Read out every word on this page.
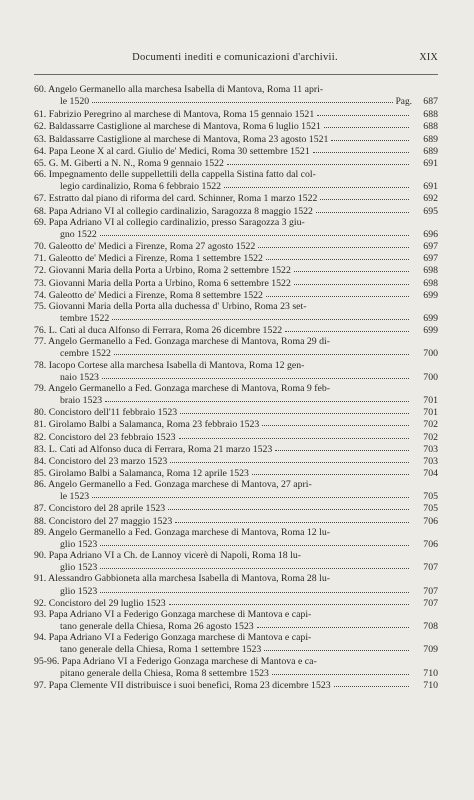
Documenti inediti e comunicazioni d'archivii.	XIX
60. Angelo Germanello alla marchesa Isabella di Mantova, Roma 11 apri-
le 1520	Pag.	687
61. Fabrizio Peregrino al marchese di Mantova, Roma 15 gennaio 1521	688
62. Baldassarre Castiglione al marchese di Mantova, Roma 6 luglio 1521	688
63. Baldassarre Castiglione al marchese di Mantova, Roma 23 agosto 1521	689
64. Papa Leone X al card. Giulio de' Medici, Roma 30 settembre 1521	689
65. G. M. Giberti a N. N., Roma 9 gennaio 1522	691
66. Impegnamento delle suppellettili della cappella Sistina fatto dal col-
legio cardinalizio, Roma 6 febbraio 1522	691
67. Estratto dal piano di riforma del card. Schinner, Roma 1 marzo 1522	692
68. Papa Adriano VI al collegio cardinalizio, Saragozza 8 maggio 1522	695
69. Papa Adriano VI al collegio cardinalizio, presso Saragozza 3 giu-
gno 1522	696
70. Galeotto de' Medici a Firenze, Roma 27 agosto 1522	697
71. Galeotto de' Medici a Firenze, Roma 1 settembre 1522	697
72. Giovanni Maria della Porta a Urbino, Roma 2 settembre 1522	698
73. Giovanni Maria della Porta a Urbino, Roma 6 settembre 1522	698
74. Galeotto de' Medici a Firenze, Roma 8 settembre 1522	699
75. Giovanni Maria della Porta alla duchessa d' Urbino, Roma 23 set-
tembre 1522	699
76. L. Cati al duca Alfonso di Ferrara, Roma 26 dicembre 1522	699
77. Angelo Germanello a Fed. Gonzaga marchese di Mantova, Roma 29 di-
cembre 1522	700
78. Iacopo Cortese alla marchesa Isabella di Mantova, Roma 12 gen-
naio 1523	700
79. Angelo Germanello a Fed. Gonzaga marchese di Mantova, Roma 9 feb-
braio 1523	701
80. Concistoro dell'11 febbraio 1523	701
81. Girolamo Balbi a Salamanca, Roma 23 febbraio 1523	702
82. Concistoro del 23 febbraio 1523	702
83. L. Cati ad Alfonso duca di Ferrara, Roma 21 marzo 1523	703
84. Concistoro del 23 marzo 1523	703
85. Girolamo Balbi a Salamanca, Roma 12 aprile 1523	704
86. Angelo Germanello a Fed. Gonzaga marchese di Mantova, 27 apri-
le 1523	705
87. Concistoro del 28 aprile 1523	705
88. Concistoro del 27 maggio 1523	706
89. Angelo Germanello a Fed. Gonzaga marchese di Mantova, Roma 12 lu-
glio 1523	706
90. Papa Adriano VI a Ch. de Lannoy vicerè di Napoli, Roma 18 lu-
glio 1523	707
91. Alessandro Gabbioneta alla marchesa Isabella di Mantova, Roma 28 lu-
glio 1523	707
92. Concistoro del 29 luglio 1523	707
93. Papa Adriano VI a Federigo Gonzaga marchese di Mantova e capi-
tano generale della Chiesa, Roma 26 agosto 1523	708
94. Papa Adriano VI a Federigo Gonzaga marchese di Mantova e capi-
tano generale della Chiesa, Roma 1 settembre 1523	709
95-96. Papa Adriano VI a Federigo Gonzaga marchese di Mantova e ca-
pitano generale della Chiesa, Roma 8 settembre 1523	710
97. Papa Clemente VII distribuisce i suoi benefici, Roma 23 dicembre 1523	710
